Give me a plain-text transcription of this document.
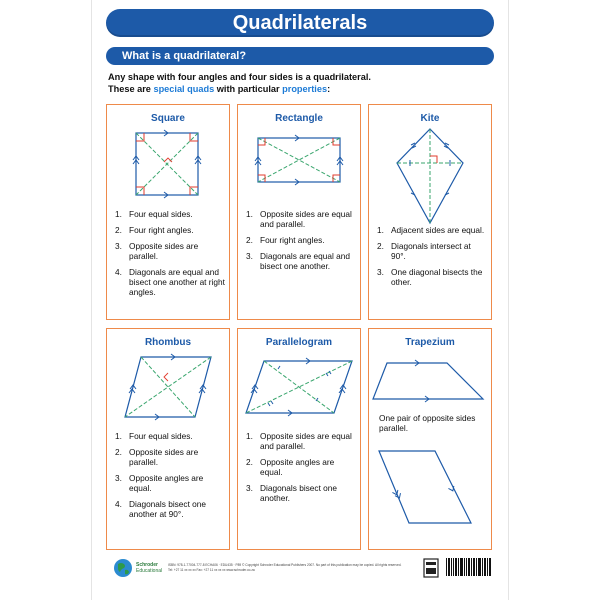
Quadrilaterals
What is a quadrilateral?
Any shape with four angles and four sides is a quadrilateral.
These are special quads with particular properties:
Square
1. Four equal sides.
2. Four right angles.
3. Opposite sides are parallel.
4. Diagonals are equal and bisect one another at right angles.
Rectangle
1. Opposite sides are equal and parallel.
2. Four right angles.
3. Diagonals are equal and bisect one another.
Kite
1. Adjacent sides are equal.
2. Diagonals intersect at 90°.
3. One diagonal bisects the other.
Rhombus
1. Four equal sides.
2. Opposite sides are parallel.
3. Opposite angles are equal.
4. Diagonals bisect one another at 90°.
Parallelogram
1. Opposite sides are equal and parallel.
2. Opposite angles are equal.
3. Diagonals bisect one another.
Trapezium
One pair of opposite sides parallel.
Schroder
Educational
ISBN: 978-1-77004-777-8 ECHA06 · EDU435 · P89 © Copyright Schroder Educational Publishers 2007. No part of this publication may be copied. All rights reserved.
Tel: +27 11 xx xx xx Fax: +27 11 xx xx xx www.schroder.co.za
